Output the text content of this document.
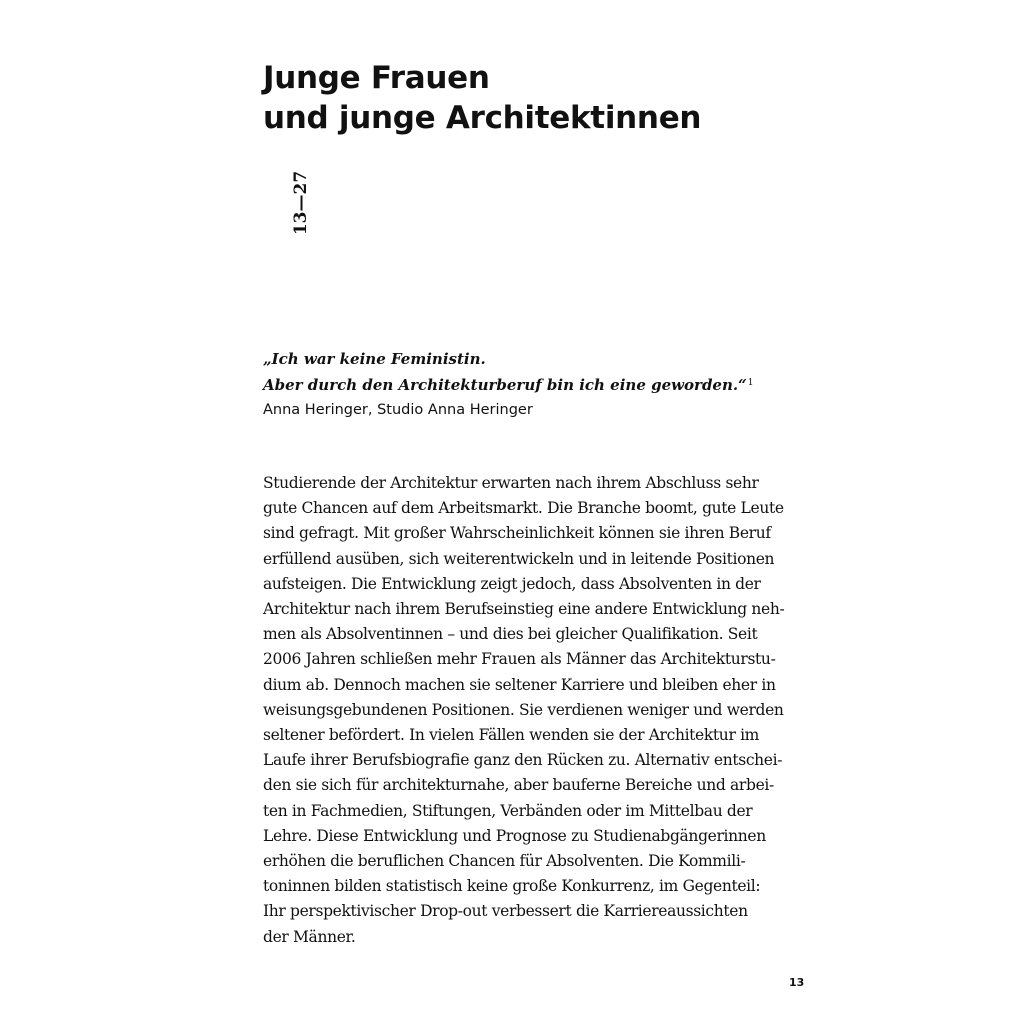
Junge Frauen
und junge Architektinnen
13—27
„Ich war keine Feministin.
Aber durch den Architekturberuf bin ich eine geworden.“$^1$
Anna Heringer, Studio Anna Heringer
Studierende der Architektur erwarten nach ihrem Abschluss sehr
gute Chancen auf dem Arbeitsmarkt. Die Branche boomt, gute Leute
sind gefragt. Mit großer Wahrscheinlichkeit können sie ihren Beruf
erfüllend ausüben, sich weiterentwickeln und in leitende Positionen
aufsteigen. Die Entwicklung zeigt jedoch, dass Absolventen in der
Architektur nach ihrem Berufseinstieg eine andere Entwicklung neh-
men als Absolventinnen – und dies bei gleicher Qualifikation. Seit
2006 Jahren schließen mehr Frauen als Männer das Architekturstu-
dium ab. Dennoch machen sie seltener Karriere und bleiben eher in
weisungsgebundenen Positionen. Sie verdienen weniger und werden
seltener befördert. In vielen Fällen wenden sie der Architektur im
Laufe ihrer Berufsbiografie ganz den Rücken zu. Alternativ entschei-
den sie sich für architekturnahe, aber bauferne Bereiche und arbei-
ten in Fachmedien, Stiftungen, Verbänden oder im Mittelbau der
Lehre. Diese Entwicklung und Prognose zu Studienabgängerinnen
erhöhen die beruflichen Chancen für Absolventen. Die Kommili-
toninnen bilden statistisch keine große Konkurrenz, im Gegenteil:
Ihr perspektivischer Drop-out verbessert die Karriereaussichten
der Männer.
13
